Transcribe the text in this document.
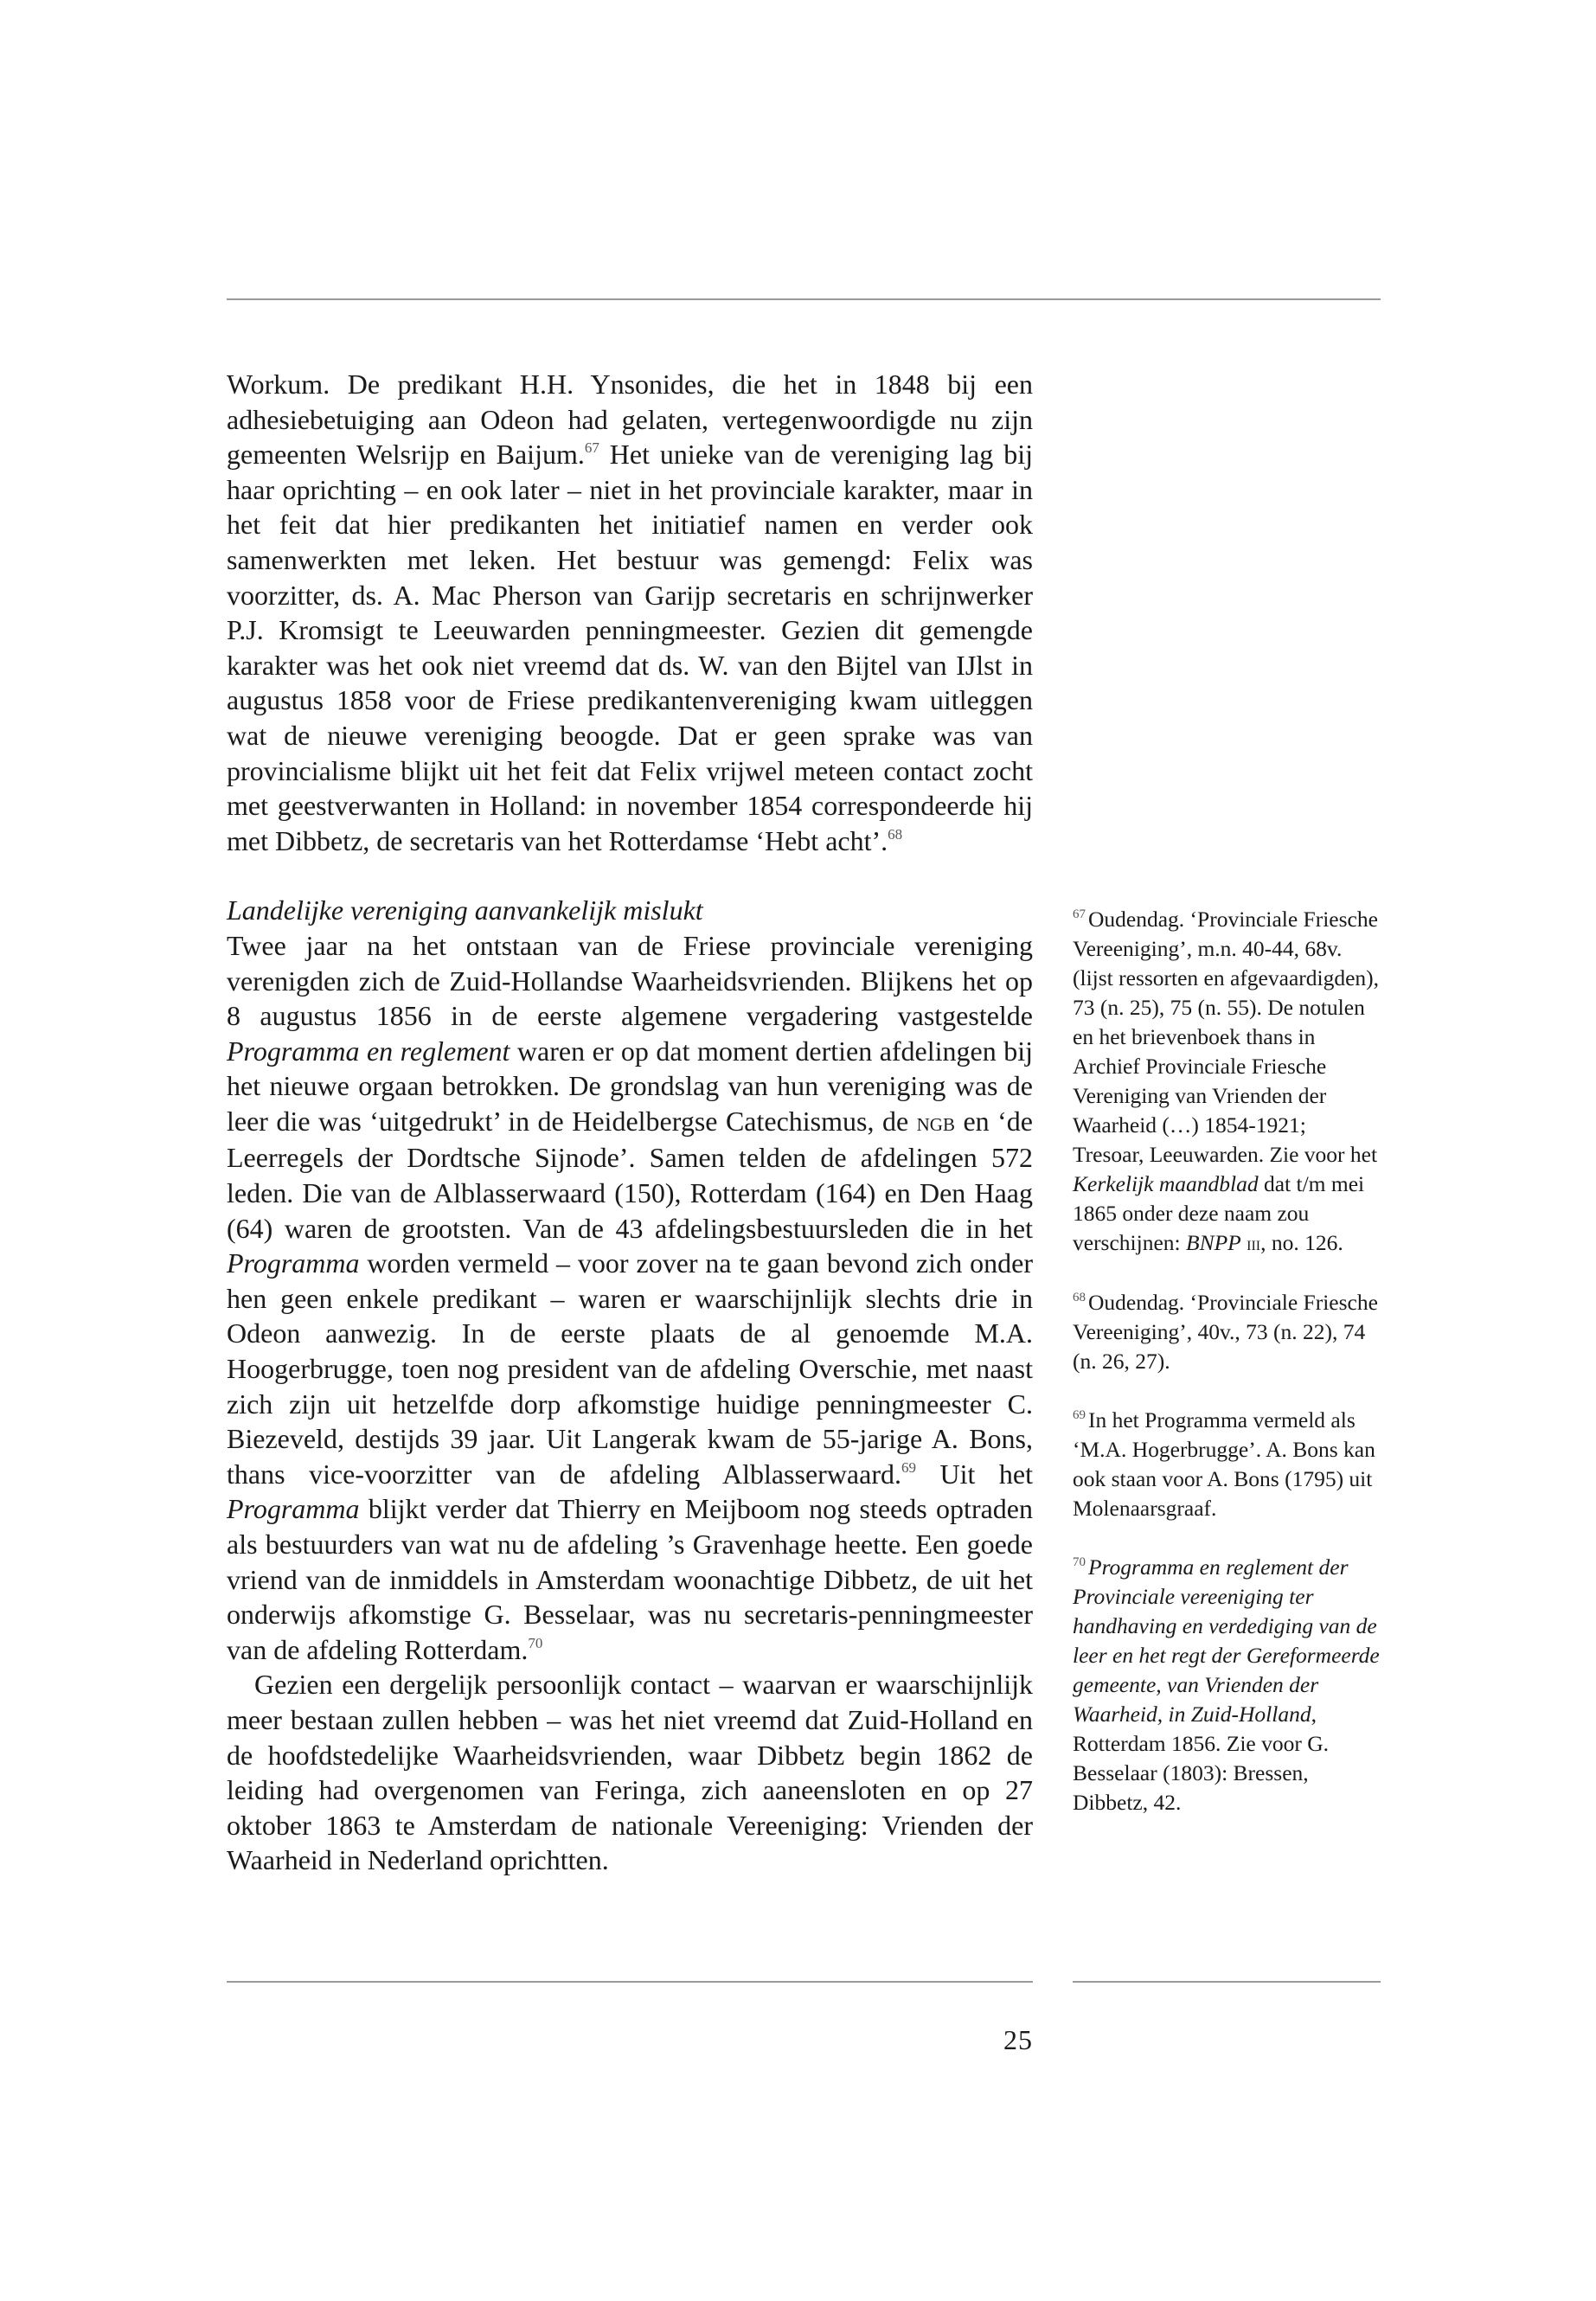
Workum. De predikant H.H. Ynsonides, die het in 1848 bij een adhesiebetuiging aan Odeon had gelaten, vertegenwoordigde nu zijn gemeenten Welsrijp en Baijum.$^{67}$ Het unieke van de vereniging lag bij haar oprichting – en ook later – niet in het provinciale karakter, maar in het feit dat hier predikanten het initiatief namen en verder ook samenwerkten met leken. Het bestuur was gemengd: Felix was voorzitter, ds. A. Mac Pherson van Garijp secretaris en schrijnwerker P.J. Kromsigt te Leeuwarden penningmeester. Gezien dit gemengde karakter was het ook niet vreemd dat ds. W. van den Bijtel van IJlst in augustus 1858 voor de Friese predikantenvereniging kwam uitleggen wat de nieuwe vereniging beoogde. Dat er geen sprake was van provincialisme blijkt uit het feit dat Felix vrijwel meteen contact zocht met geestverwanten in Holland: in november 1854 correspondeerde hij met Dibbetz, de secretaris van het Rotterdamse ‘Hebt acht’.$^{68}$

Landelijke vereniging aanvankelijk mislukt

Twee jaar na het ontstaan van de Friese provinciale vereniging verenigden zich de Zuid-Hollandse Waarheidsvrienden. Blijkens het op 8 augustus 1856 in de eerste algemene vergadering vastgestelde Programma en reglement waren er op dat moment dertien afdelingen bij het nieuwe orgaan betrokken. De grondslag van hun vereniging was de leer die was ‘uitgedrukt’ in de Heidelbergse Catechismus, de ngb en ‘de Leerregels der Dordtsche Sijnode’. Samen telden de afdelingen 572 leden. Die van de Alblasserwaard (150), Rotterdam (164) en Den Haag (64) waren de grootsten. Van de 43 afdelingsbestuursleden die in het Programma worden vermeld – voor zover na te gaan bevond zich onder hen geen enkele predikant – waren er waarschijnlijk slechts drie in Odeon aanwezig. In de eerste plaats de al genoemde M.A. Hoogerbrugge, toen nog president van de afdeling Overschie, met naast zich zijn uit hetzelfde dorp afkomstige huidige penningmeester C. Biezeveld, destijds 39 jaar. Uit Langerak kwam de 55-jarige A. Bons, thans vice-voorzitter van de afdeling Alblasserwaard.$^{69}$ Uit het Programma blijkt verder dat Thierry en Meijboom nog steeds optraden als bestuurders van wat nu de afdeling ’s Gravenhage heette. Een goede vriend van de inmiddels in Amsterdam woonachtige Dibbetz, de uit het onderwijs afkomstige G. Besselaar, was nu secretaris-penningmeester van de afdeling Rotterdam.$^{70}$

Gezien een dergelijk persoonlijk contact – waarvan er waarschijnlijk meer bestaan zullen hebben – was het niet vreemd dat Zuid-Holland en de hoofdstedelijke Waarheidsvrienden, waar Dibbetz begin 1862 de leiding had overgenomen van Feringa, zich aaneensloten en op 27 oktober 1863 te Amsterdam de nationale Vereeniging: Vrienden der Waarheid in Nederland oprichtten.

$^{67}$ Oudendag. ‘Provinciale Friesche Vereeniging’, m.n. 40-44, 68v. (lijst ressorten en afgevaardigden), 73 (n. 25), 75 (n. 55). De notulen en het brievenboek thans in Archief Provinciale Friesche Vereniging van Vrienden der Waarheid (…) 1854-1921; Tresoar, Leeuwarden. Zie voor het Kerkelijk maandblad dat t/m mei 1865 onder deze naam zou verschijnen: BNPP iii, no. 126.

$^{68}$ Oudendag. ‘Provinciale Friesche Vereeniging’, 40v., 73 (n. 22), 74 (n. 26, 27).

$^{69}$ In het Programma vermeld als ‘M.A. Hogerbrugge’. A. Bons kan ook staan voor A. Bons (1795) uit Molenaarsgraaf.

$^{70}$ Programma en reglement der Provinciale vereeniging ter handhaving en verdediging van de leer en het regt der Gereformeerde gemeente, van Vrienden der Waarheid, in Zuid-Holland, Rotterdam 1856. Zie voor G. Besselaar (1803): Bressen, Dibbetz, 42.

25
